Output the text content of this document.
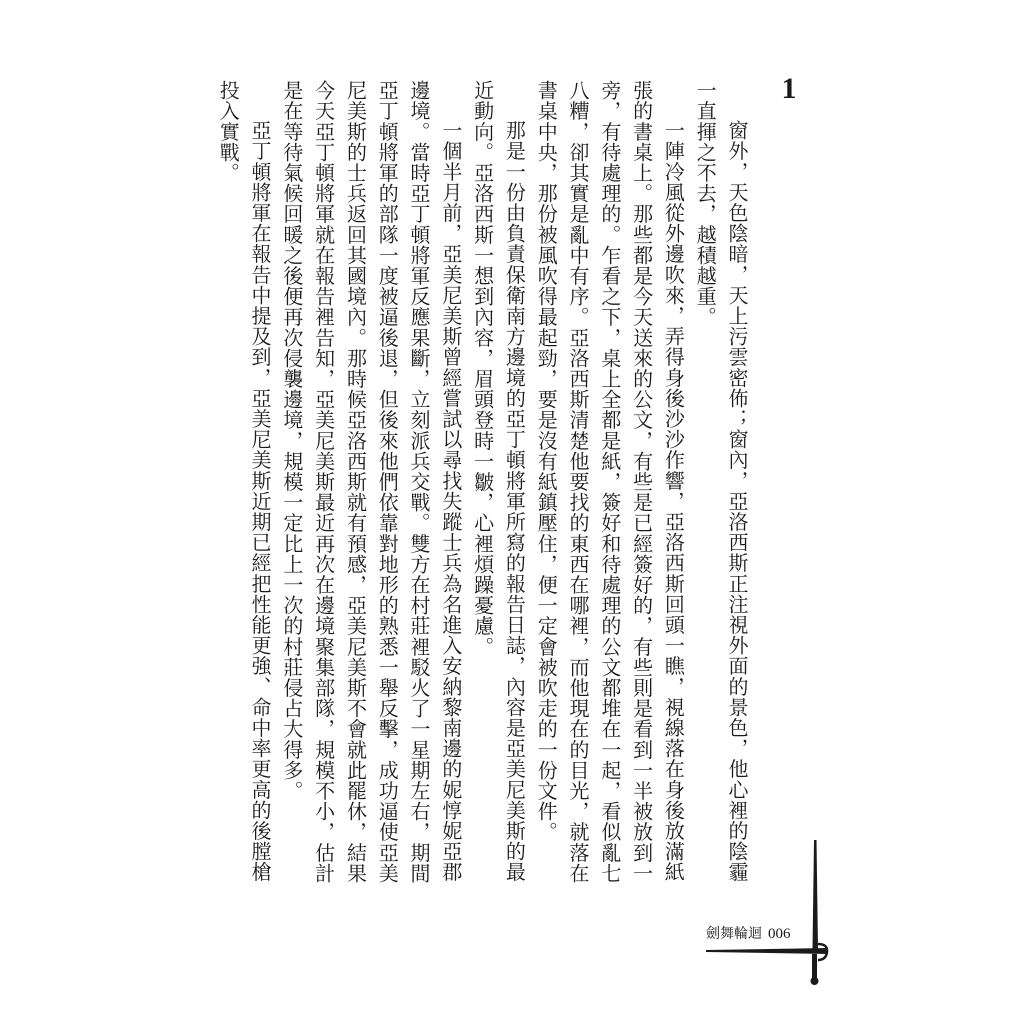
1

窗外，天色陰暗，天上污雲密佈；窗內，亞洛西斯正注視外面的景色，他心裡的陰霾一直揮之不去，越積越重。

一陣冷風從外邊吹來，弄得身後沙沙作響，亞洛西斯回頭一瞧，視線落在身後放滿紙張的書桌上。那些都是今天送來的公文，有些是已經簽好的，有些則是看到一半被放到一旁，有待處理的。乍看之下，桌上全都是紙，簽好和待處理的公文都堆在一起，看似亂七八糟，卻其實是亂中有序。亞洛西斯清楚他要找的東西在哪裡，而他現在的目光，就落在書桌中央，那份被風吹得最起勁，要是沒有紙鎮壓住，便一定會被吹走的一份文件。

那是一份由負責保衛南方邊境的亞丁頓將軍所寫的報告日誌，內容是亞美尼美斯的最近動向。亞洛西斯一想到內容，眉頭登時一皺，心裡煩躁憂慮。

一個半月前，亞美尼美斯曾經嘗試以尋找失蹤士兵為名進入安納黎南邊的妮惇妮亞郡邊境。當時亞丁頓將軍反應果斷，立刻派兵交戰。雙方在村莊裡駁火了一星期左右，期間亞丁頓將軍的部隊一度被逼後退，但後來他們依靠對地形的熟悉一舉反擊，成功逼使亞美尼美斯的士兵返回其國境內。那時候亞洛西斯就有預感，亞美尼美斯不會就此罷休，結果今天亞丁頓將軍就在報告裡告知，亞美尼美斯最近再次在邊境聚集部隊，規模不小，估計是在等待氣候回暖之後便再次侵襲邊境，規模一定比上一次的村莊侵占大得多。

亞丁頓將軍在報告中提及到，亞美尼美斯近期已經把性能更強、命中率更高的後膛槍投入實戰。

劍舞輪迴 006
